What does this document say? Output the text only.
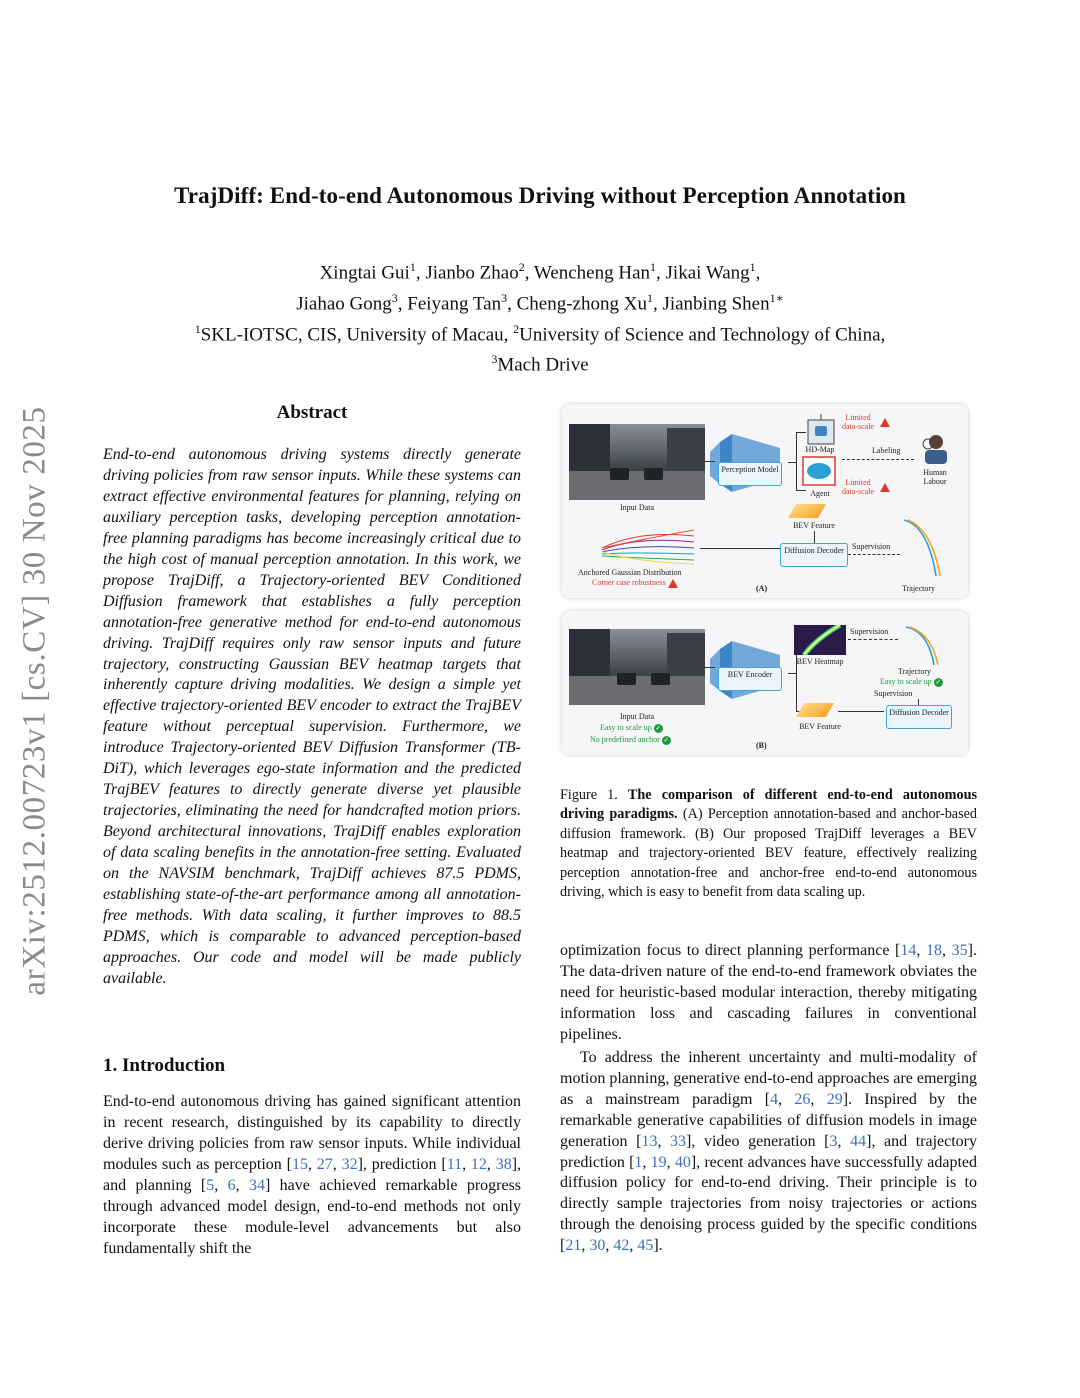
arXiv:2512.00723v1 [cs.CV] 30 Nov 2025
TrajDiff: End-to-end Autonomous Driving without Perception Annotation
Xingtai Gui$^1$, Jianbo Zhao$^2$, Wencheng Han$^1$, Jikai Wang$^1$,
Jiahao Gong$^3$, Feiyang Tan$^3$, Cheng-zhong Xu$^1$, Jianbing Shen$^{1∗}$
$^1$SKL-IOTSC, CIS, University of Macau, $^2$University of Science and Technology of China,
$^3$Mach Drive
Abstract

End-to-end autonomous driving systems directly generate driving policies from raw sensor inputs. While these systems can extract effective environmental features for planning, relying on auxiliary perception tasks, developing perception annotation-free planning paradigms has become increasingly critical due to the high cost of manual perception annotation. In this work, we propose TrajDiff, a Trajectory-oriented BEV Conditioned Diffusion framework that establishes a fully perception annotation-free generative method for end-to-end autonomous driving. TrajDiff requires only raw sensor inputs and future trajectory, constructing Gaussian BEV heatmap targets that inherently capture driving modalities. We design a simple yet effective trajectory-oriented BEV encoder to extract the TrajBEV feature without perceptual supervision. Furthermore, we introduce Trajectory-oriented BEV Diffusion Transformer (TB-DiT), which leverages ego-state information and the predicted TrajBEV features to directly generate diverse yet plausible trajectories, eliminating the need for handcrafted motion priors. Beyond architectural innovations, TrajDiff enables exploration of data scaling benefits in the annotation-free setting. Evaluated on the NAVSIM benchmark, TrajDiff achieves 87.5 PDMS, establishing state-of-the-art performance among all annotation-free methods. With data scaling, it further improves to 88.5 PDMS, which is comparable to advanced perception-based approaches. Our code and model will be made publicly available.

1. Introduction

End-to-end autonomous driving has gained significant attention in recent research, distinguished by its capability to directly derive driving policies from raw sensor inputs. While individual modules such as perception [15, 27, 32], prediction [11, 12, 38], and planning [5, 6, 34] have achieved remarkable progress through advanced model design, end-to-end methods not only incorporate these module-level advancements but also fundamentally shift the

Input Data
Perception Model
HD-Map
Agent
Limited data-scale
Limited data-scale
Labeling
Human Labour
BEV Feature
Anchored Gaussian Distribution
Corner case robustness
Diffusion Decoder	Supervision
Trajectory
(A)
Input Data
Easy to scale up ✓
No predefined anchor ✓
BEV Encoder
BEV Heatmap
Supervision
Trajectory
Easy to scale up ✓
Supervision
BEV Feature
Diffusion Decoder
(B)
Figure 1. The comparison of different end-to-end autonomous driving paradigms. (A) Perception annotation-based and anchor-based diffusion framework. (B) Our proposed TrajDiff leverages a BEV heatmap and trajectory-oriented BEV feature, effectively realizing perception annotation-free and anchor-free end-to-end autonomous driving, which is easy to benefit from data scaling up.

optimization focus to direct planning performance [14, 18, 35]. The data-driven nature of the end-to-end framework obviates the need for heuristic-based modular interaction, thereby mitigating information loss and cascading failures in conventional pipelines.

To address the inherent uncertainty and multi-modality of motion planning, generative end-to-end approaches are emerging as a mainstream paradigm [4, 26, 29]. Inspired by the remarkable generative capabilities of diffusion models in image generation [13, 33], video generation [3, 44], and trajectory prediction [1, 19, 40], recent advances have successfully adapted diffusion policy for end-to-end driving. Their principle is to directly sample trajectories from noisy trajectories or actions through the denoising process guided by the specific conditions [21, 30, 42, 45].
